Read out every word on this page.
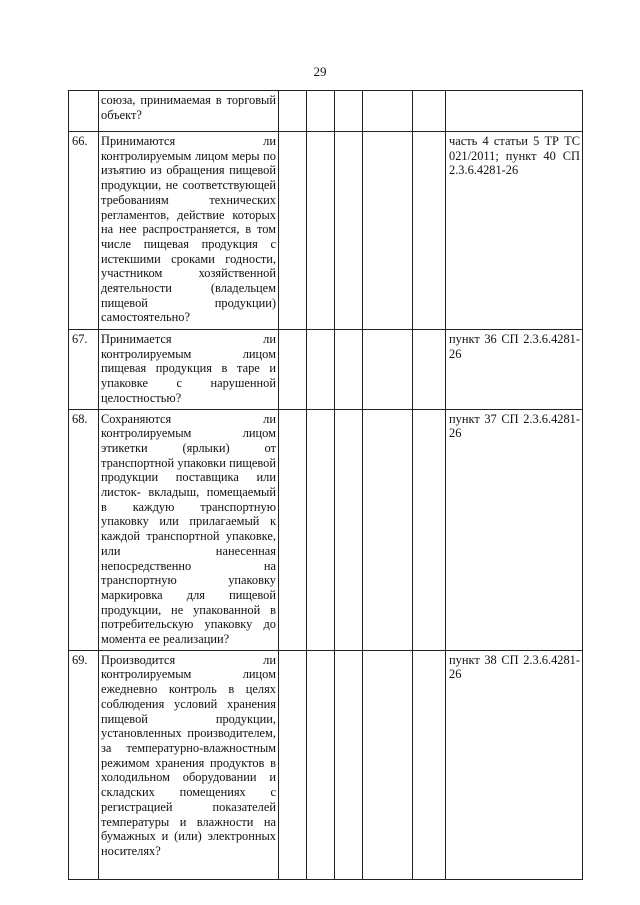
29
	союза, принимаемая в торговый объект?						
66.	Принимаются ли контролируемым лицом меры по изъятию из обращения пищевой продукции, не соответствующей требованиям технических регламентов, действие которых на нее распространяется, в том числе пищевая продукция с истекшими сроками годности, участником хозяйственной деятельности (владельцем пищевой продукции) самостоятельно?						часть 4 статьи 5 ТР ТС 021/2011; пункт 40 СП 2.3.6.4281-26
67.	Принимается ли контролируемым лицом пищевая продукция в таре и упаковке с нарушенной целостностью?						пункт 36 СП 2.3.6.4281-26
68.	Сохраняются ли контролируемым лицом этикетки (ярлыки) от транспортной упаковки пищевой продукции поставщика или листок- вкладыш, помещаемый в каждую транспортную упаковку или прилагаемый к каждой транспортной упаковке, или нанесенная непосредственно на транспортную упаковку маркировка для пищевой продукции, не упакованной в потребительскую упаковку до момента ее реализации?						пункт 37 СП 2.3.6.4281-26
69.	Производится ли контролируемым лицом ежедневно контроль в целях соблюдения условий хранения пищевой продукции, установленных производителем, за температурно-влажностным режимом хранения продуктов в холодильном оборудовании и складских помещениях с регистрацией показателей температуры и влажности на бумажных и (или) электронных носителях?						пункт 38 СП 2.3.6.4281-26
